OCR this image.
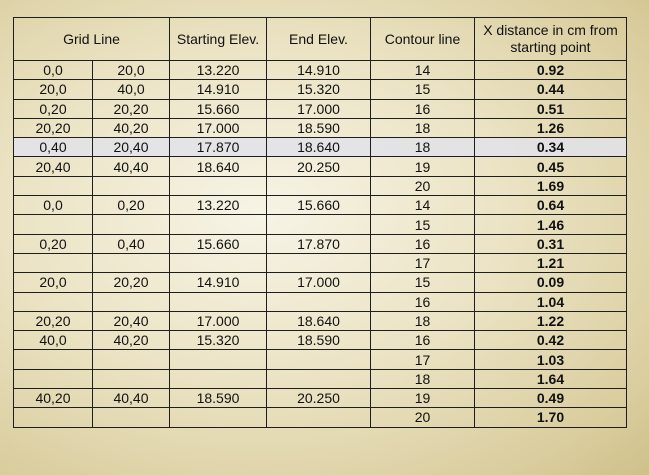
Grid Line		Starting Elev.	End Elev.	Contour line	X distance in cm from starting point
0,0	20,0	13.220	14.910	14	0.92
20,0	40,0	14.910	15.320	15	0.44
0,20	20,20	15.660	17.000	16	0.51
20,20	40,20	17.000	18.590	18	1.26
0,40	20,40	17.870	18.640	18	0.34
20,40	40,40	18.640	20.250	19	0.45
				20	1.69
0,0	0,20	13.220	15.660	14	0.64
				15	1.46
0,20	0,40	15.660	17.870	16	0.31
				17	1.21
20,0	20,20	14.910	17.000	15	0.09
				16	1.04
20,20	20,40	17.000	18.640	18	1.22
40,0	40,20	15.320	18.590	16	0.42
				17	1.03
				18	1.64
40,20	40,40	18.590	20.250	19	0.49
				20	1.70
